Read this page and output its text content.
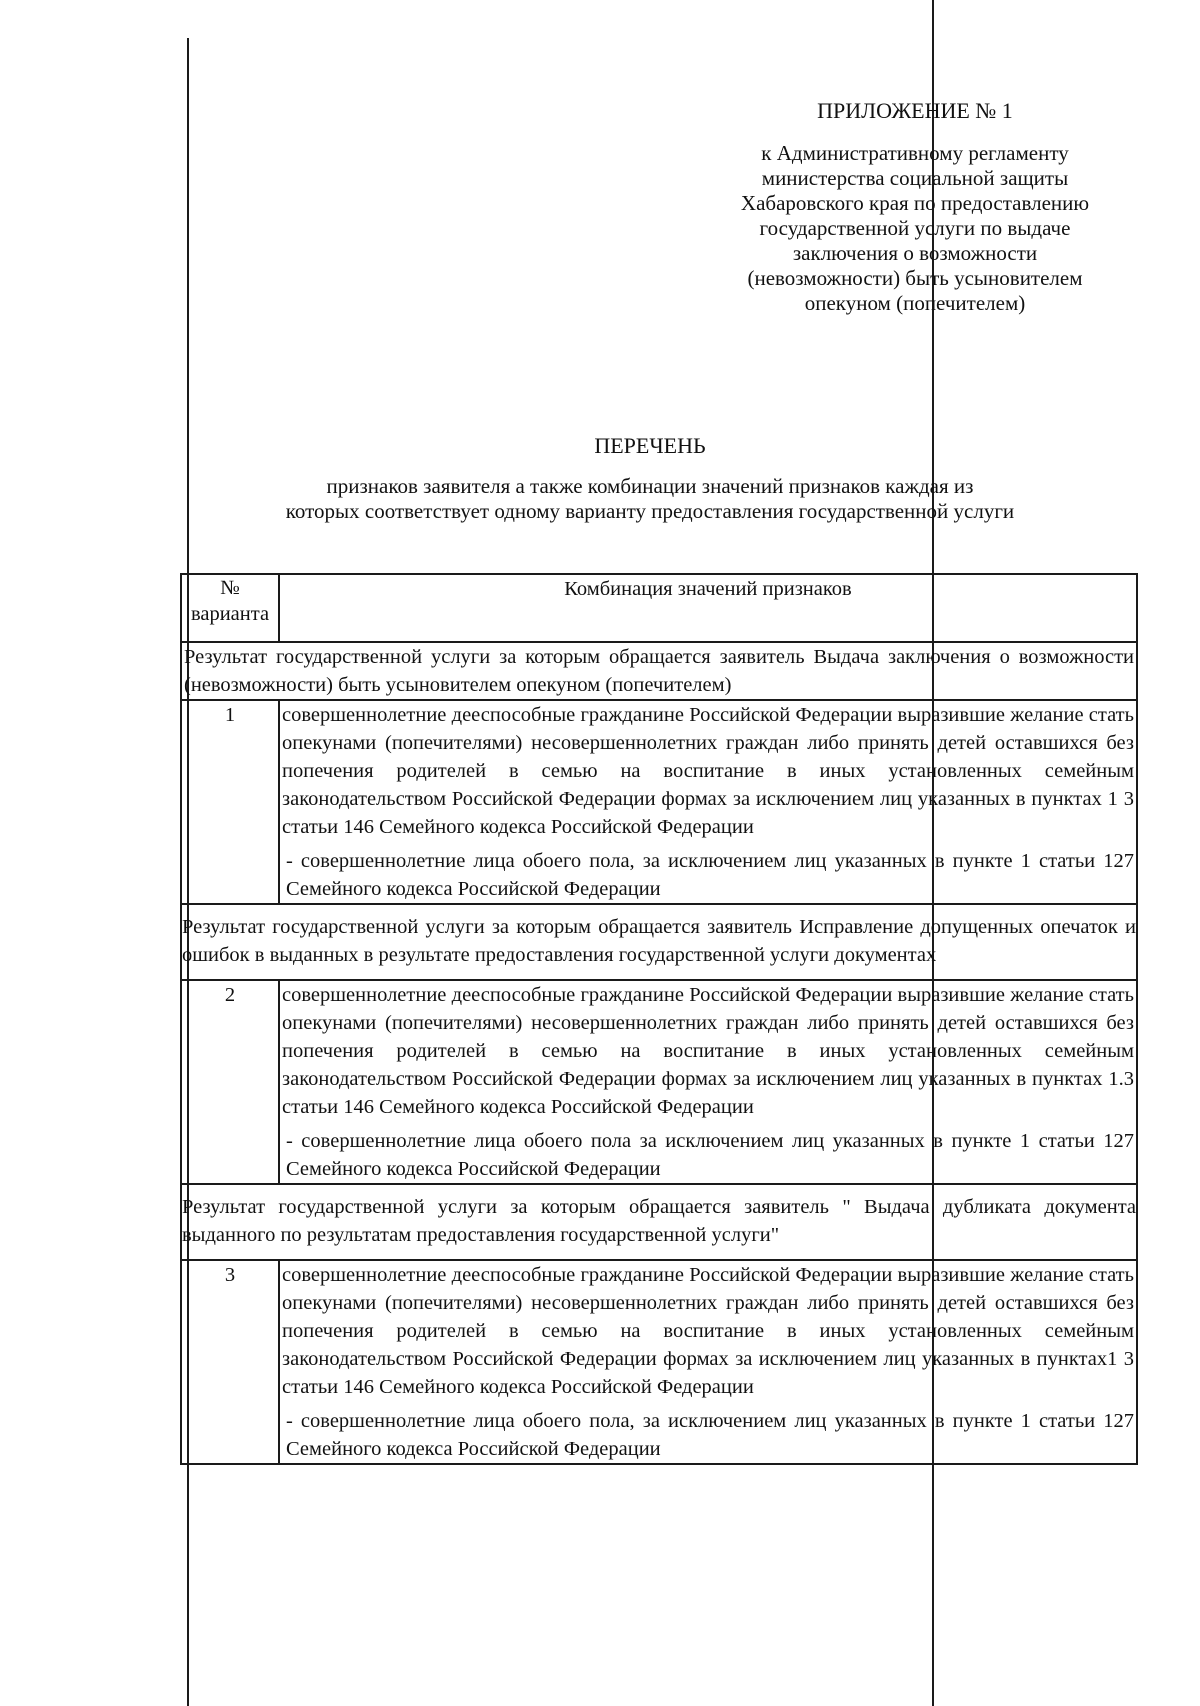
ПРИЛОЖЕНИЕ № 1
к Административному регламенту
министерства социальной защиты
Хабаровского края по предоставлению
государственной услуги по выдаче
заключения о возможности
(невозможности) быть усыновителем
опекуном (попечителем)
ПЕРЕЧЕНЬ
признаков заявителя а также комбинации значений признаков каждая из
которых соответствует одному варианту предоставления государственной услуги
№
варианта	Комбинация значений признаков
Результат государственной услуги за которым обращается заявитель Выдача заключения о возможности (невозможности) быть усыновителем опекуном (попечителем)	
1	совершеннолетние дееспособные гражданине Российской Федерации выразившие желание стать опекунами (попечителями) несовершеннолетних граждан либо принять детей оставшихся без попечения родителей в семью на воспитание в иных установленных семейным законодательством Российской Федерации формах за исключением лиц указанных в пунктах 1 3 статьи 146 Семейного кодекса Российской Федерации

- совершеннолетние лица обоего пола, за исключением лиц указанных в пункте 1 статьи 127 Семейного кодекса Российской Федерации

Результат государственной услуги за которым обращается заявитель Исправление допущенных опечаток и ошибок в выданных в результате предоставления государственной услуги документах	
2	совершеннолетние дееспособные гражданине Российской Федерации выразившие желание стать опекунами (попечителями) несовершеннолетних граждан либо принять детей оставшихся без попечения родителей в семью на воспитание в иных установленных семейным законодательством Российской Федерации формах за исключением лиц указанных в пунктах 1.3 статьи 146 Семейного кодекса Российской Федерации

- совершеннолетние лица обоего пола за исключением лиц указанных в пункте 1 статьи 127 Семейного кодекса Российской Федерации

Результат государственной услуги за которым обращается заявитель " Выдача дубликата документа выданного по результатам предоставления государственной услуги"	
3	совершеннолетние дееспособные гражданине Российской Федерации выразившие желание стать опекунами (попечителями) несовершеннолетних граждан либо принять детей оставшихся без попечения родителей в семью на воспитание в иных установленных семейным законодательством Российской Федерации формах за исключением лиц указанных в пунктах1 3 статьи 146 Семейного кодекса Российской Федерации

- совершеннолетние лица обоего пола, за исключением лиц указанных в пункте 1 статьи 127 Семейного кодекса Российской Федерации
